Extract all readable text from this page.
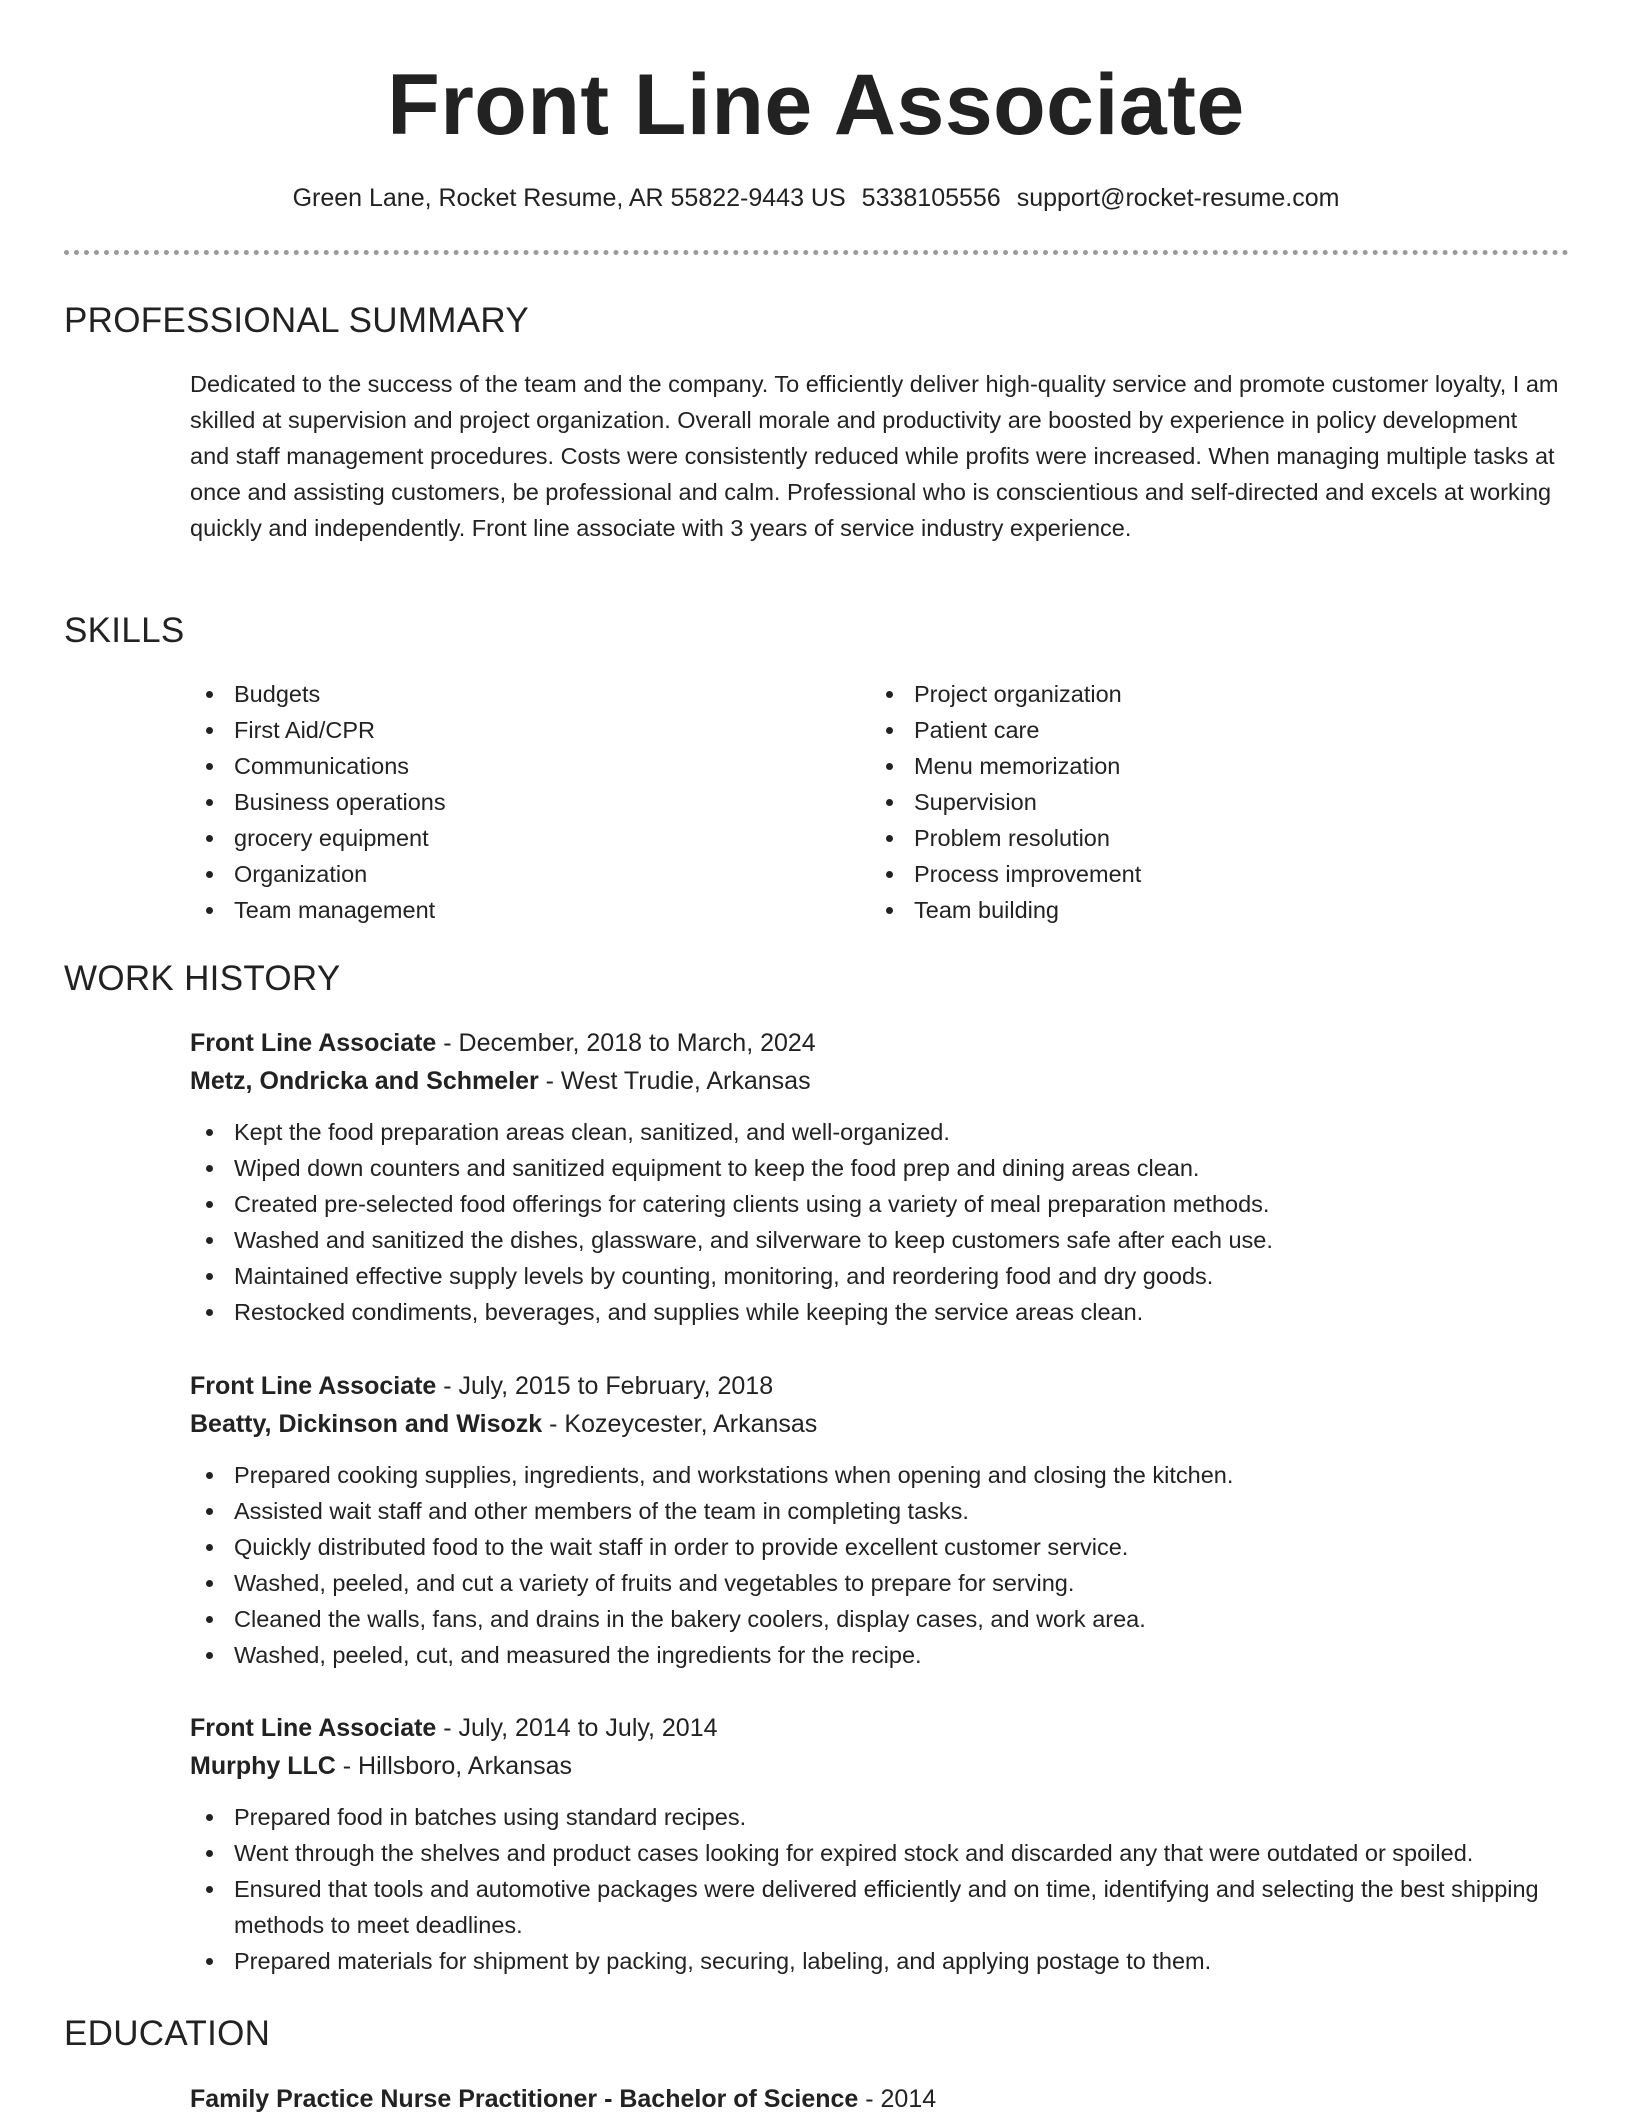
Front Line Associate
Green Lane, Rocket Resume, AR 55822-9443 US 5338105556 support@rocket-resume.com
PROFESSIONAL SUMMARY
Dedicated to the success of the team and the company. To efficiently deliver high-quality service and promote customer loyalty, I am skilled at supervision and project organization. Overall morale and productivity are boosted by experience in policy development and staff management procedures. Costs were consistently reduced while profits were increased. When managing multiple tasks at once and assisting customers, be professional and calm. Professional who is conscientious and self-directed and excels at working quickly and independently. Front line associate with 3 years of service industry experience.
SKILLS
Budgets
First Aid/CPR
Communications
Business operations
grocery equipment
Organization
Team management
Project organization
Patient care
Menu memorization
Supervision
Problem resolution
Process improvement
Team building
WORK HISTORY
Front Line Associate - December, 2018 to March, 2024
Metz, Ondricka and Schmeler - West Trudie, Arkansas
Kept the food preparation areas clean, sanitized, and well-organized.
Wiped down counters and sanitized equipment to keep the food prep and dining areas clean.
Created pre-selected food offerings for catering clients using a variety of meal preparation methods.
Washed and sanitized the dishes, glassware, and silverware to keep customers safe after each use.
Maintained effective supply levels by counting, monitoring, and reordering food and dry goods.
Restocked condiments, beverages, and supplies while keeping the service areas clean.
Front Line Associate - July, 2015 to February, 2018
Beatty, Dickinson and Wisozk - Kozeycester, Arkansas
Prepared cooking supplies, ingredients, and workstations when opening and closing the kitchen.
Assisted wait staff and other members of the team in completing tasks.
Quickly distributed food to the wait staff in order to provide excellent customer service.
Washed, peeled, and cut a variety of fruits and vegetables to prepare for serving.
Cleaned the walls, fans, and drains in the bakery coolers, display cases, and work area.
Washed, peeled, cut, and measured the ingredients for the recipe.
Front Line Associate - July, 2014 to July, 2014
Murphy LLC - Hillsboro, Arkansas
Prepared food in batches using standard recipes.
Went through the shelves and product cases looking for expired stock and discarded any that were outdated or spoiled.
Ensured that tools and automotive packages were delivered efficiently and on time, identifying and selecting the best shipping methods to meet deadlines.
Prepared materials for shipment by packing, securing, labeling, and applying postage to them.
EDUCATION
Family Practice Nurse Practitioner - Bachelor of Science - 2014
